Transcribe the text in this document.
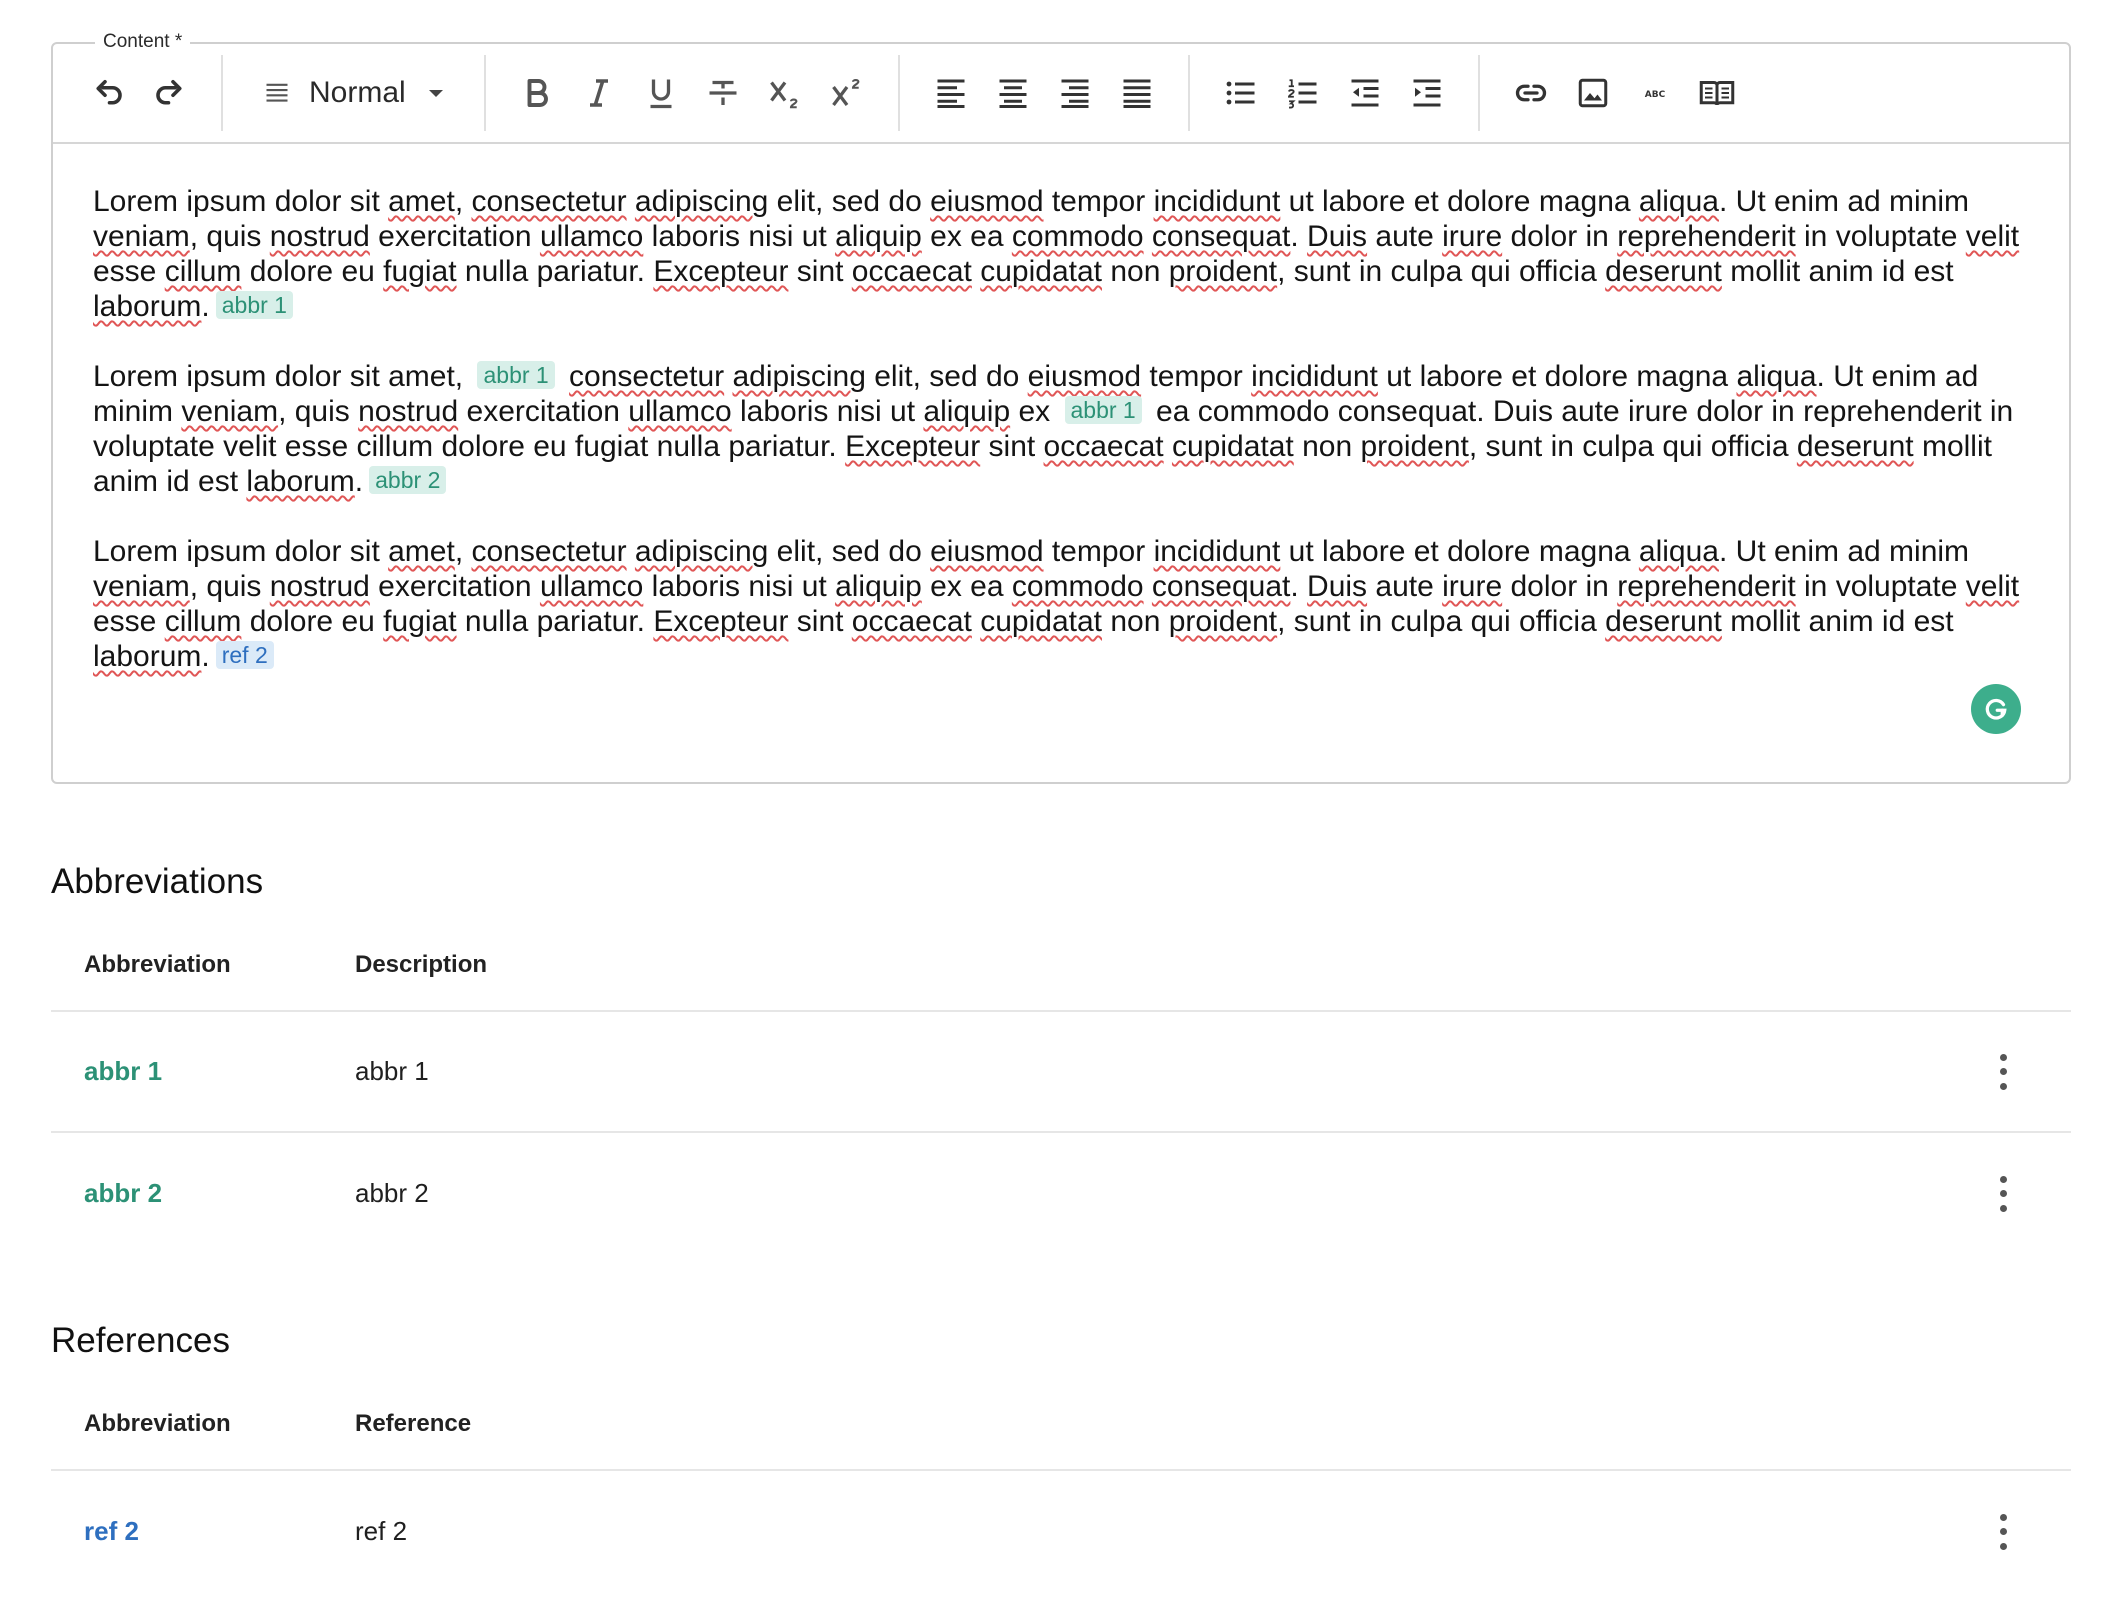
Content *
Normal	ABC

Lorem ipsum dolor sit amet, consectetur adipiscing elit, sed do eiusmod tempor incididunt ut labore et dolore magna aliqua. Ut enim ad minim veniam, quis nostrud exercitation ullamco laboris nisi ut aliquip ex ea commodo consequat. Duis aute irure dolor in reprehenderit in voluptate velit esse cillum dolore eu fugiat nulla pariatur. Excepteur sint occaecat cupidatat non proident, sunt in culpa qui officia deserunt mollit anim id est laborum. abbr 1

Lorem ipsum dolor sit amet, abbr 1 consectetur adipiscing elit, sed do eiusmod tempor incididunt ut labore et dolore magna aliqua. Ut enim ad minim veniam, quis nostrud exercitation ullamco laboris nisi ut aliquip ex abbr 1 ea commodo consequat. Duis aute irure dolor in reprehenderit in voluptate velit esse cillum dolore eu fugiat nulla pariatur. Excepteur sint occaecat cupidatat non proident, sunt in culpa qui officia deserunt mollit anim id est laborum. abbr 2

Lorem ipsum dolor sit amet, consectetur adipiscing elit, sed do eiusmod tempor incididunt ut labore et dolore magna aliqua. Ut enim ad minim veniam, quis nostrud exercitation ullamco laboris nisi ut aliquip ex ea commodo consequat. Duis aute irure dolor in reprehenderit in voluptate velit esse cillum dolore eu fugiat nulla pariatur. Excepteur sint occaecat cupidatat non proident, sunt in culpa qui officia deserunt mollit anim id est laborum. ref 2

Abbreviations
Abbreviation	Description
abbr 1	abbr 1
abbr 2	abbr 2
References
Abbreviation	Reference
ref 2	ref 2
